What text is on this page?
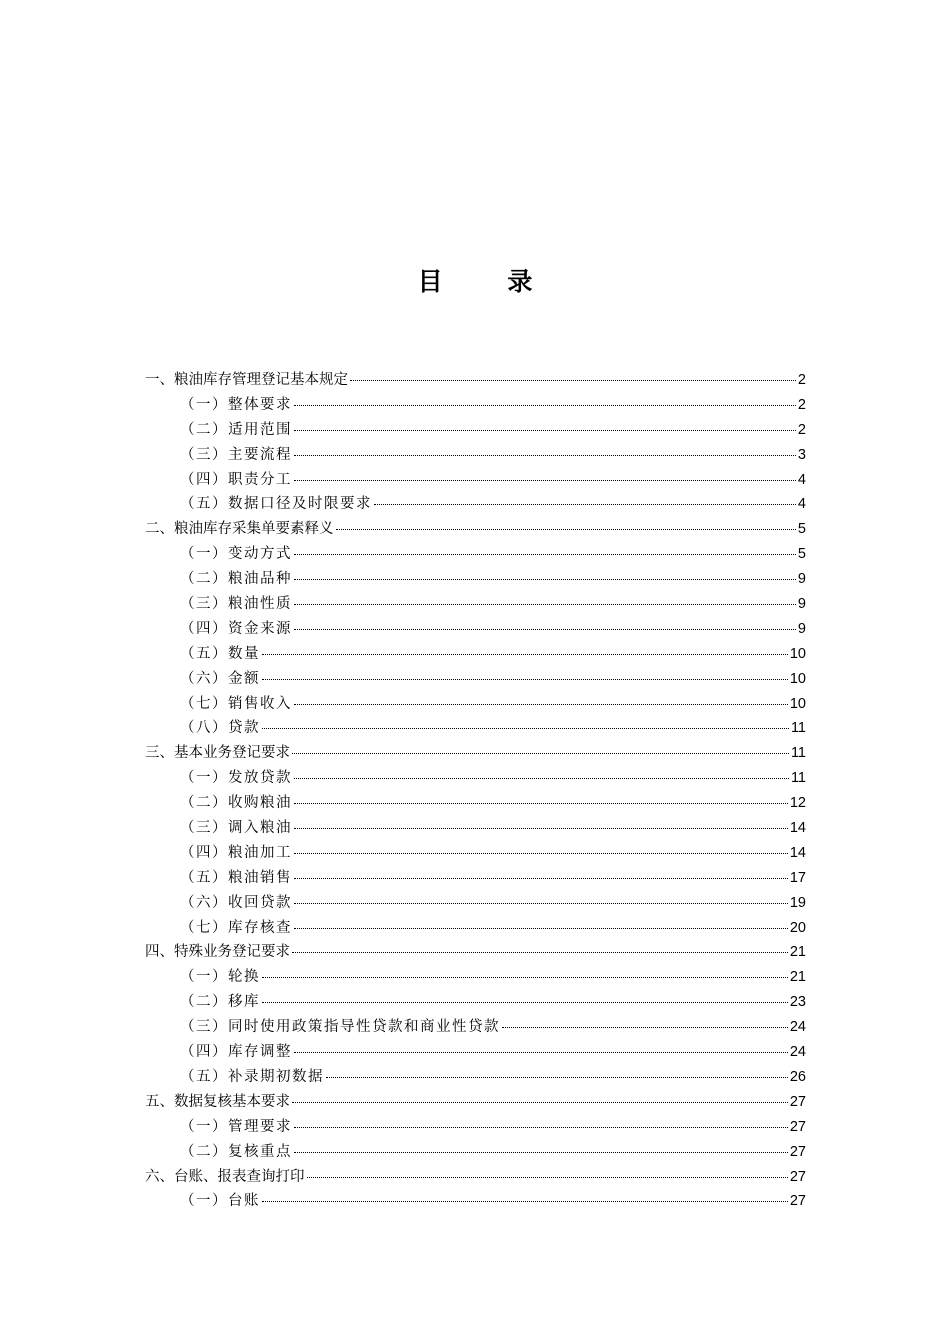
目 录
一、粮油库存管理登记基本规定	2
（一）整体要求	2
（二）适用范围	2
（三）主要流程	3
（四）职责分工	4
（五）数据口径及时限要求	4
二、粮油库存采集单要素释义	5
（一）变动方式	5
（二）粮油品种	9
（三）粮油性质	9
（四）资金来源	9
（五）数量	10
（六）金额	10
（七）销售收入	10
（八）贷款	11
三、基本业务登记要求	11
（一）发放贷款	11
（二）收购粮油	12
（三）调入粮油	14
（四）粮油加工	14
（五）粮油销售	17
（六）收回贷款	19
（七）库存核查	20
四、特殊业务登记要求	21
（一）轮换	21
（二）移库	23
（三）同时使用政策指导性贷款和商业性贷款	24
（四）库存调整	24
（五）补录期初数据	26
五、数据复核基本要求	27
（一）管理要求	27
（二）复核重点	27
六、台账、报表查询打印	27
（一）台账	27
